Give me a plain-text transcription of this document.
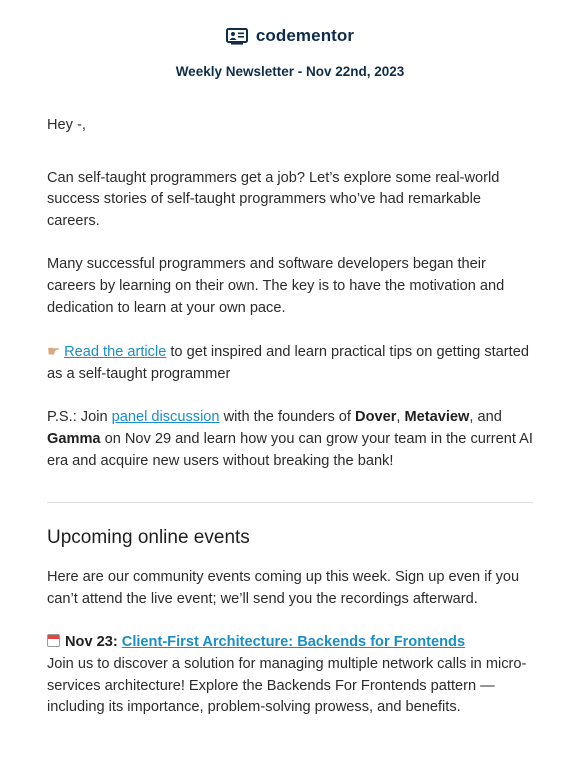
codementor
Weekly Newsletter - Nov 22nd, 2023

Hey -,

Can self-taught programmers get a job? Let’s explore some real-world success stories of self-taught programmers who’ve had remarkable careers.

Many successful programmers and software developers began their careers by learning on their own. The key is to have the motivation and dedication to learn at your own pace.

☛ Read the article to get inspired and learn practical tips on getting started as a self-taught programmer

P.S.: Join panel discussion with the founders of Dover, Metaview, and Gamma on Nov 29 and learn how you can grow your team in the current AI era and acquire new users without breaking the bank!

Upcoming online events

Here are our community events coming up this week. Sign up even if you can’t attend the live event; we’ll send you the recordings afterward.

Nov 23: Client-First Architecture: Backends for Frontends

Join us to discover a solution for managing multiple network calls in micro-services architecture! Explore the Backends For Frontends pattern — including its importance, problem-solving prowess, and benefits.
